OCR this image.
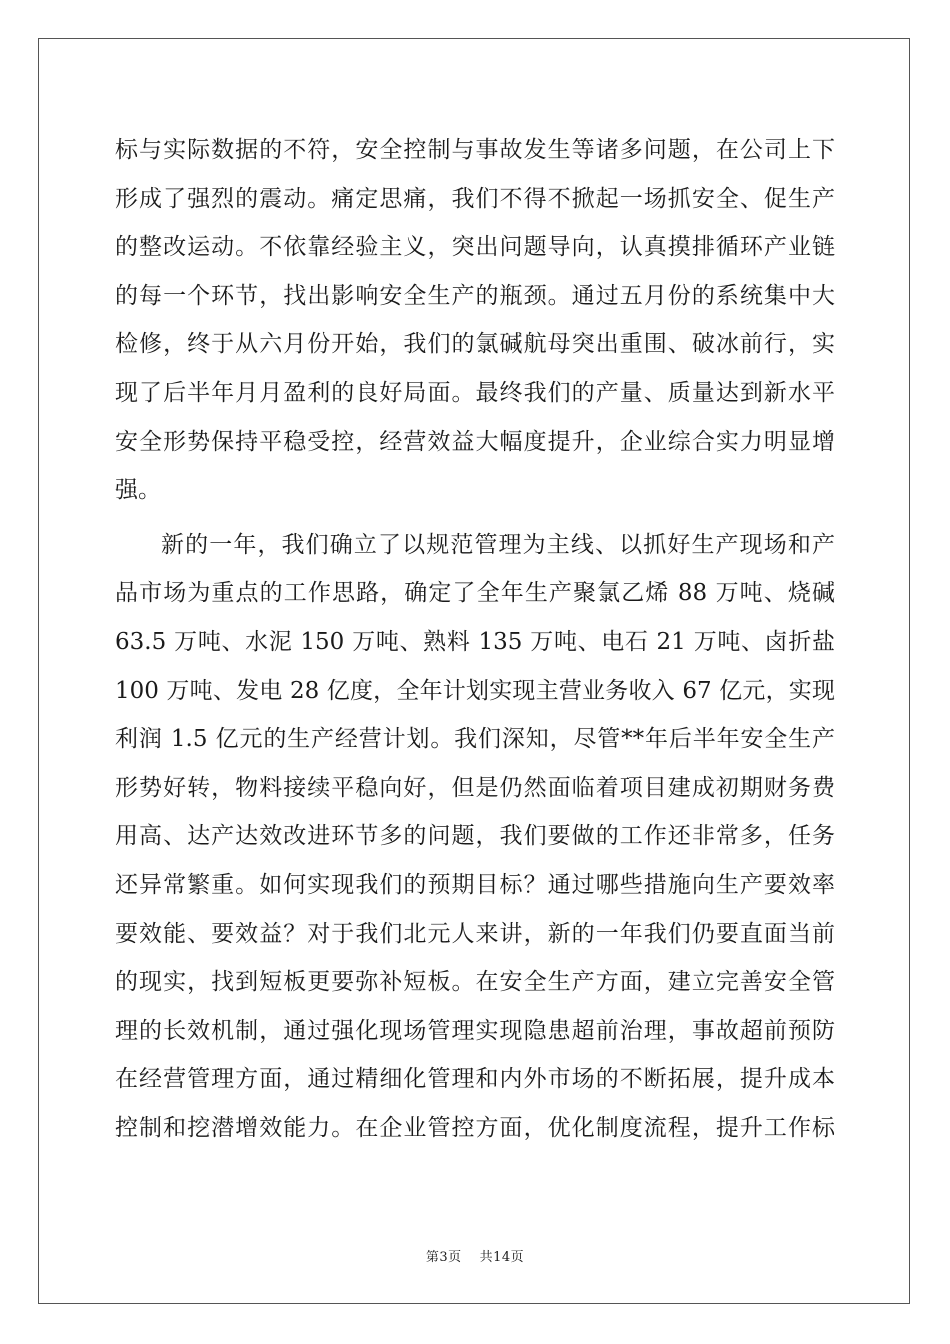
标与实际数据的不符，安全控制与事故发生等诸多问题，在公司上下
形成了强烈的震动。痛定思痛，我们不得不掀起一场抓安全、促生产
的整改运动。不依靠经验主义，突出问题导向，认真摸排循环产业链
的每一个环节，找出影响安全生产的瓶颈。通过五月份的系统集中大
检修，终于从六月份开始，我们的氯碱航母突出重围、破冰前行，实
现了后半年月月盈利的良好局面。最终我们的产量、质量达到新水平
安全形势保持平稳受控，经营效益大幅度提升，企业综合实力明显增
强。
新的一年，我们确立了以规范管理为主线、以抓好生产现场和产
品市场为重点的工作思路，确定了全年生产聚氯乙烯 88 万吨、烧碱
63.5 万吨、水泥 150 万吨、熟料 135 万吨、电石 21 万吨、卤折盐
100 万吨、发电 28 亿度，全年计划实现主营业务收入 67 亿元，实现
利润 1.5 亿元的生产经营计划。我们深知，尽管**年后半年安全生产
形势好转，物料接续平稳向好，但是仍然面临着项目建成初期财务费
用高、达产达效改进环节多的问题，我们要做的工作还非常多，任务
还异常繁重。如何实现我们的预期目标？通过哪些措施向生产要效率
要效能、要效益？对于我们北元人来讲，新的一年我们仍要直面当前
的现实，找到短板更要弥补短板。在安全生产方面，建立完善安全管
理的长效机制，通过强化现场管理实现隐患超前治理，事故超前预防
在经营管理方面，通过精细化管理和内外市场的不断拓展，提升成本
控制和挖潜增效能力。在企业管控方面，优化制度流程，提升工作标
第3页 共14页
